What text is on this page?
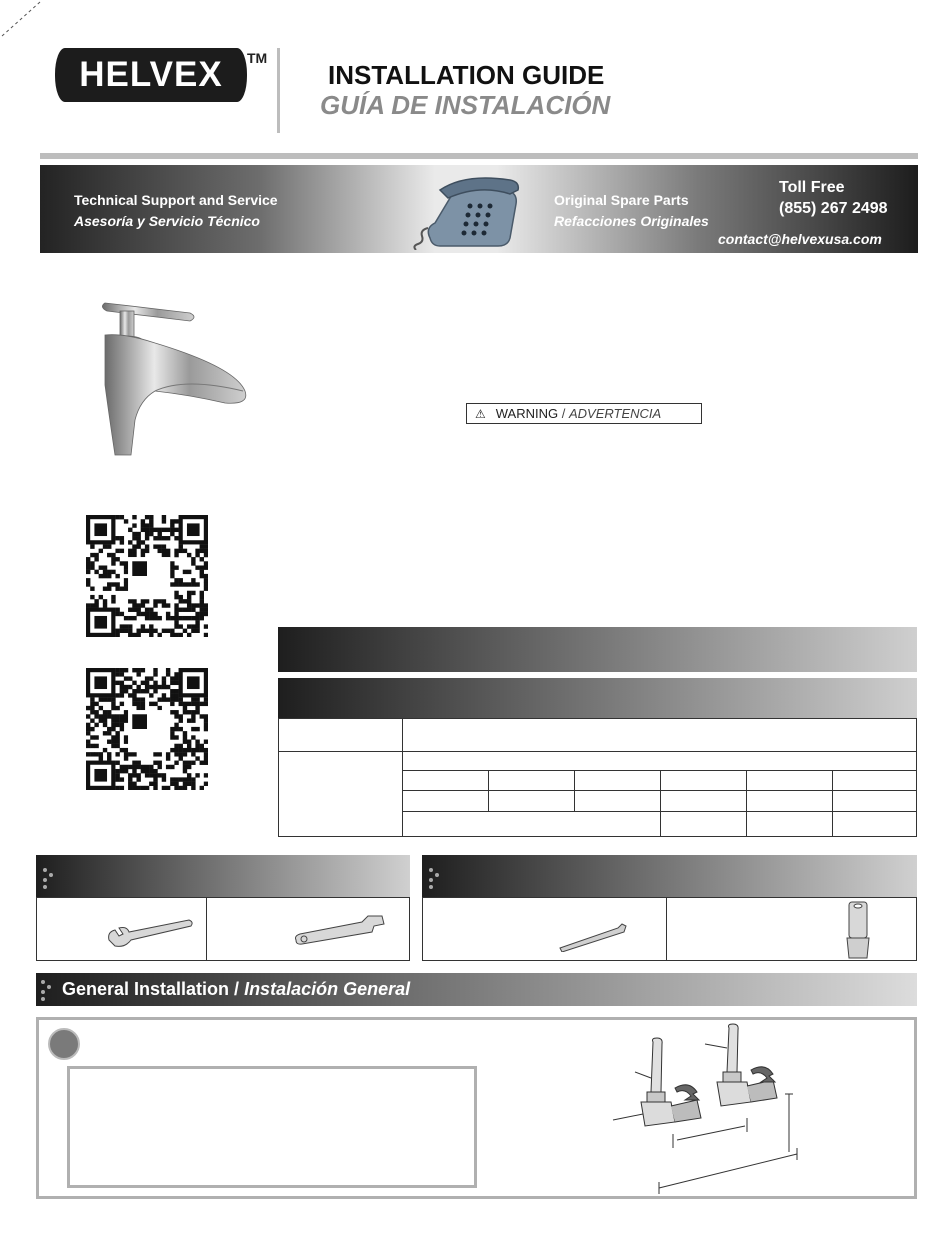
HELVEX TM
INSTALLATION GUIDE
GUÍA DE INSTALACIÓN
Technical Support and Service
Asesoría y Servicio Técnico
Original Spare Parts
Refacciones Originales
Toll Free
(855) 267 2498
contact@helvexusa.com
⚠ WARNING / ADVERTENCIA
General Installation / Instalación General
